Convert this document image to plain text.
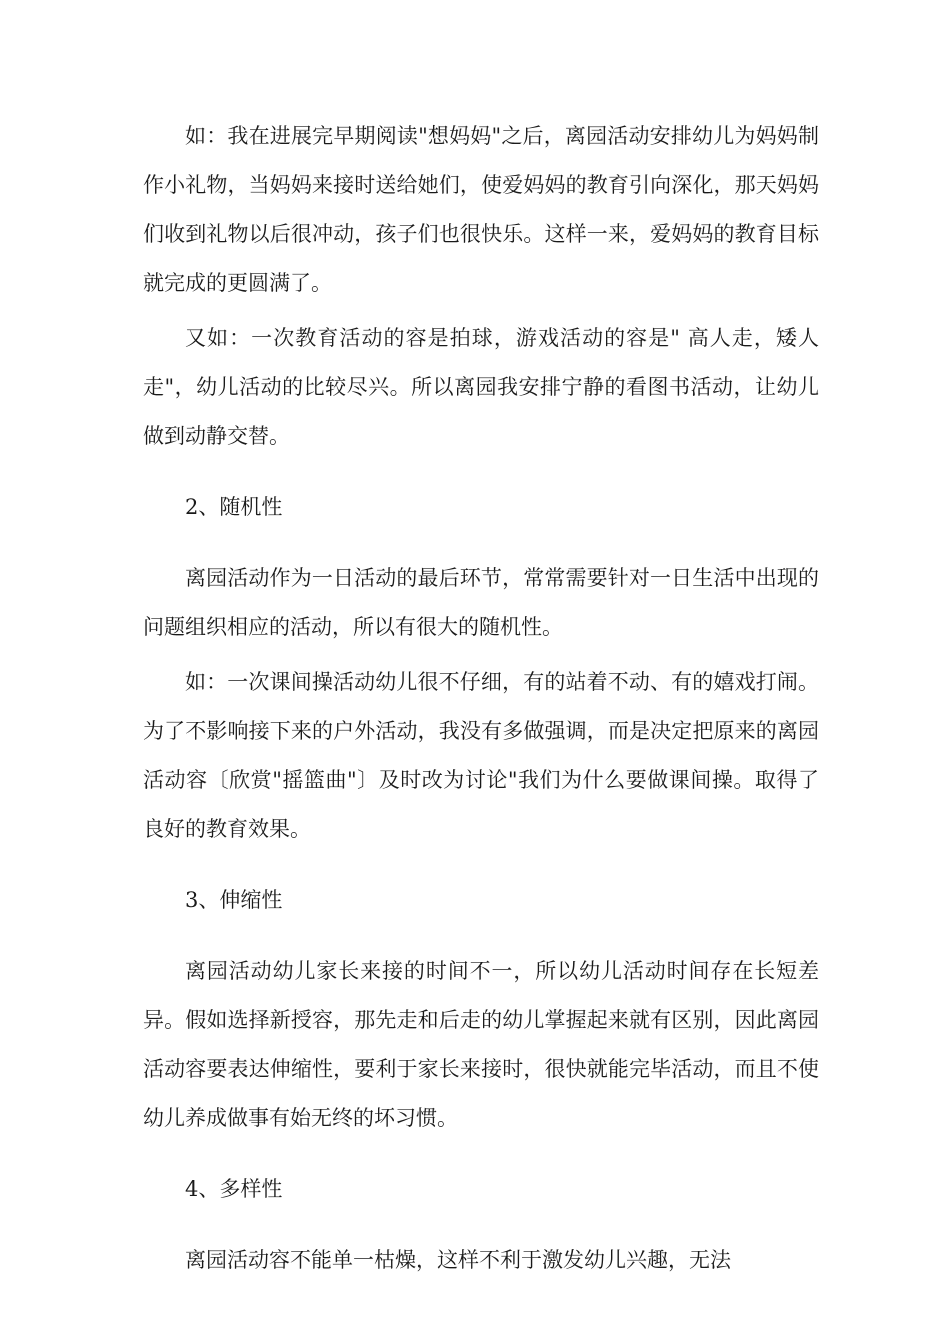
如：我在进展完早期阅读"想妈妈"之后，离园活动安排幼儿为妈妈制作小礼物，当妈妈来接时送给她们，使爱妈妈的教育引向深化，那天妈妈们收到礼物以后很冲动，孩子们也很快乐。这样一来，爱妈妈的教育目标就完成的更圆满了。

又如：一次教育活动的容是拍球，游戏活动的容是" 高人走，矮人走"，幼儿活动的比较尽兴。所以离园我安排宁静的看图书活动，让幼儿做到动静交替。

2、随机性

离园活动作为一日活动的最后环节，常常需要针对一日生活中出现的问题组织相应的活动，所以有很大的随机性。

如：一次课间操活动幼儿很不仔细，有的站着不动、有的嬉戏打闹。为了不影响接下来的户外活动，我没有多做强调，而是决定把原来的离园活动容〔欣赏"摇篮曲"〕及时改为讨论"我们为什么要做课间操。取得了良好的教育效果。

3、伸缩性

离园活动幼儿家长来接的时间不一，所以幼儿活动时间存在长短差异。假如选择新授容，那先走和后走的幼儿掌握起来就有区别，因此离园活动容要表达伸缩性，要利于家长来接时，很快就能完毕活动，而且不使幼儿养成做事有始无终的坏习惯。

4、多样性

离园活动容不能单一枯燥，这样不利于激发幼儿兴趣，无法
